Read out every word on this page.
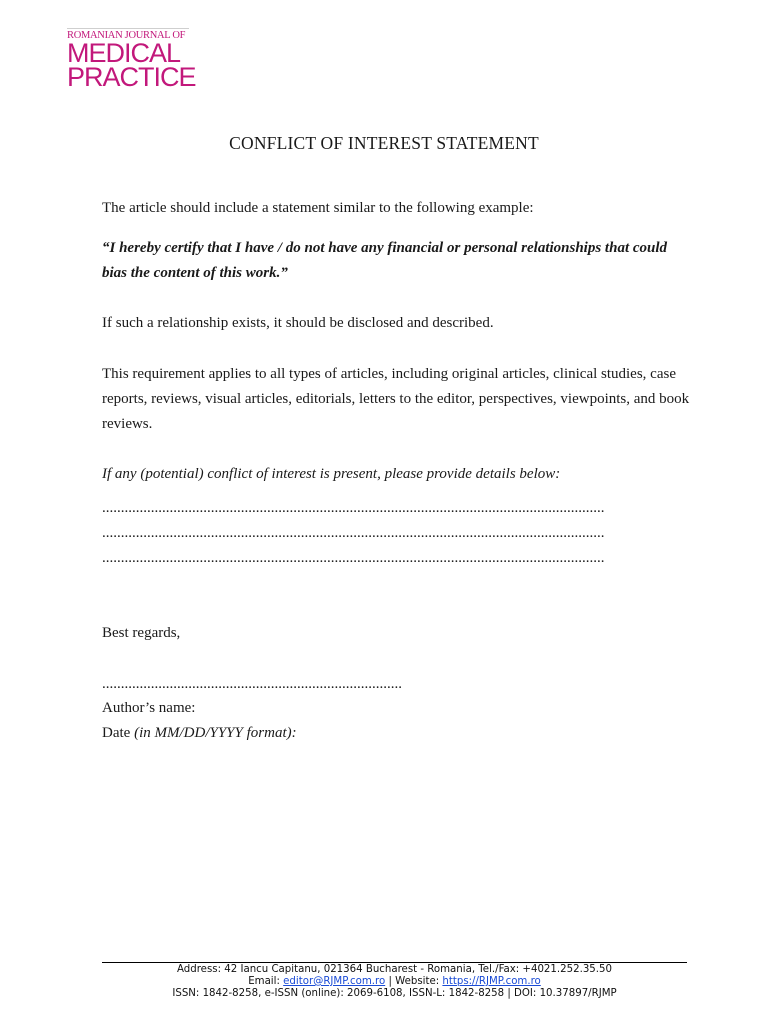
ROMANIAN JOURNAL OF
MEDICAL
PRACTICE
CONFLICT OF INTEREST STATEMENT
The article should include a statement similar to the following example:
“I hereby certify that I have / do not have any financial or personal relationships that could bias the content of this work.”
If such a relationship exists, it should be disclosed and described.
This requirement applies to all types of articles, including original articles, clinical studies, case reports, reviews, visual articles, editorials, letters to the editor, perspectives, viewpoints, and book reviews.
If any (potential) conflict of interest is present, please provide details below:
......................................................................................................................................
......................................................................................................................................
......................................................................................................................................
Best regards,
................................................................................
Author’s name:
Date (in MM/DD/YYYY format):
Address: 42 Iancu Capitanu, 021364 Bucharest - Romania, Tel./Fax: +4021.252.35.50
Email: editor@RJMP.com.ro | Website: https://RJMP.com.ro
ISSN: 1842-8258, e-ISSN (online): 2069-6108, ISSN-L: 1842-8258 | DOI: 10.37897/RJMP
